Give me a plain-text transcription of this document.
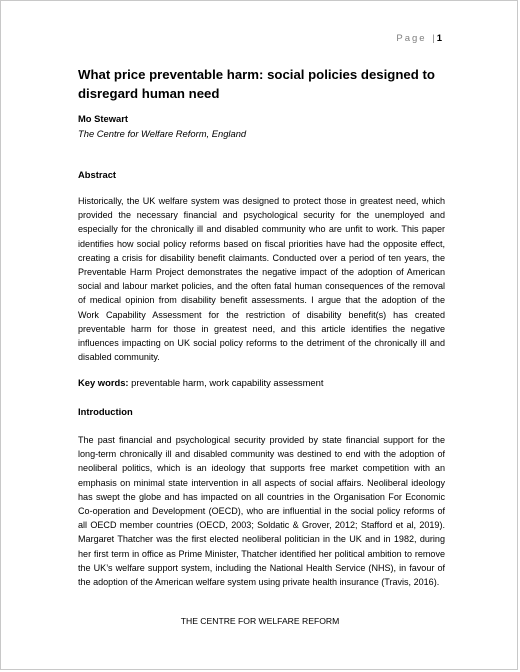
Page | 1
What price preventable harm: social policies designed to disregard human need
Mo Stewart
The Centre for Welfare Reform, England
Abstract
Historically, the UK welfare system was designed to protect those in greatest need, which provided the necessary financial and psychological security for the unemployed and especially for the chronically ill and disabled community who are unfit to work. This paper identifies how social policy reforms based on fiscal priorities have had the opposite effect, creating a crisis for disability benefit claimants. Conducted over a period of ten years, the Preventable Harm Project demonstrates the negative impact of the adoption of American social and labour market policies, and the often fatal human consequences of the removal of medical opinion from disability benefit assessments. I argue that the adoption of the Work Capability Assessment for the restriction of disability benefit(s) has created preventable harm for those in greatest need, and this article identifies the negative influences impacting on UK social policy reforms to the detriment of the chronically ill and disabled community.
Key words: preventable harm, work capability assessment
Introduction
The past financial and psychological security provided by state financial support for the long-term chronically ill and disabled community was destined to end with the adoption of neoliberal politics, which is an ideology that supports free market competition with an emphasis on minimal state intervention in all aspects of social affairs. Neoliberal ideology has swept the globe and has impacted on all countries in the Organisation For Economic Co-operation and Development (OECD), who are influential in the social policy reforms of all OECD member countries (OECD, 2003; Soldatic & Grover, 2012; Stafford et al, 2019). Margaret Thatcher was the first elected neoliberal politician in the UK and in 1982, during her first term in office as Prime Minister, Thatcher identified her political ambition to remove the UK’s welfare support system, including the National Health Service (NHS), in favour of the adoption of the American welfare system using private health insurance (Travis, 2016).
THE CENTRE FOR WELFARE REFORM
